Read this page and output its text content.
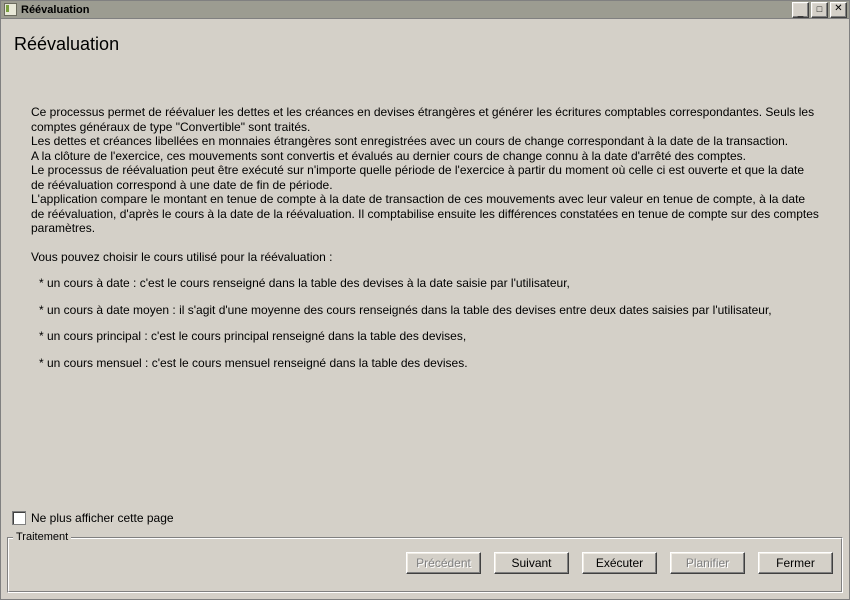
Réévaluation	_	□	✕
Réévaluation

Ce processus permet de réévaluer les dettes et les créances en devises étrangères et générer les écritures comptables correspondantes. Seuls les comptes généraux de type "Convertible" sont traités.

Les dettes et créances libellées en monnaies étrangères sont enregistrées avec un cours de change correspondant à la date de la transaction.

A la clôture de l'exercice, ces mouvements sont convertis et évalués au dernier cours de change connu à la date d'arrêté des comptes.

Le processus de réévaluation peut être exécuté sur n'importe quelle période de l'exercice à partir du moment où celle ci est ouverte et que la date de réévaluation correspond à une date de fin de période.

L'application compare le montant en tenue de compte à la date de transaction de ces mouvements avec leur valeur en tenue de compte, à la date de réévaluation, d'après le cours à la date de la réévaluation. Il comptabilise ensuite les différences constatées en tenue de compte sur des comptes paramètres.

Vous pouvez choisir le cours utilisé pour la réévaluation :

* un cours à date : c'est le cours renseigné dans la table des devises à la date saisie par l'utilisateur,

* un cours à date moyen : il s'agit d'une moyenne des cours renseignés dans la table des devises entre deux dates saisies par l'utilisateur,

* un cours principal : c'est le cours principal renseigné dans la table des devises,

* un cours mensuel : c'est le cours mensuel renseigné dans la table des devises.

Ne plus afficher cette page
Traitement
Précédent	Suivant	Exécuter	Planifier	Fermer
